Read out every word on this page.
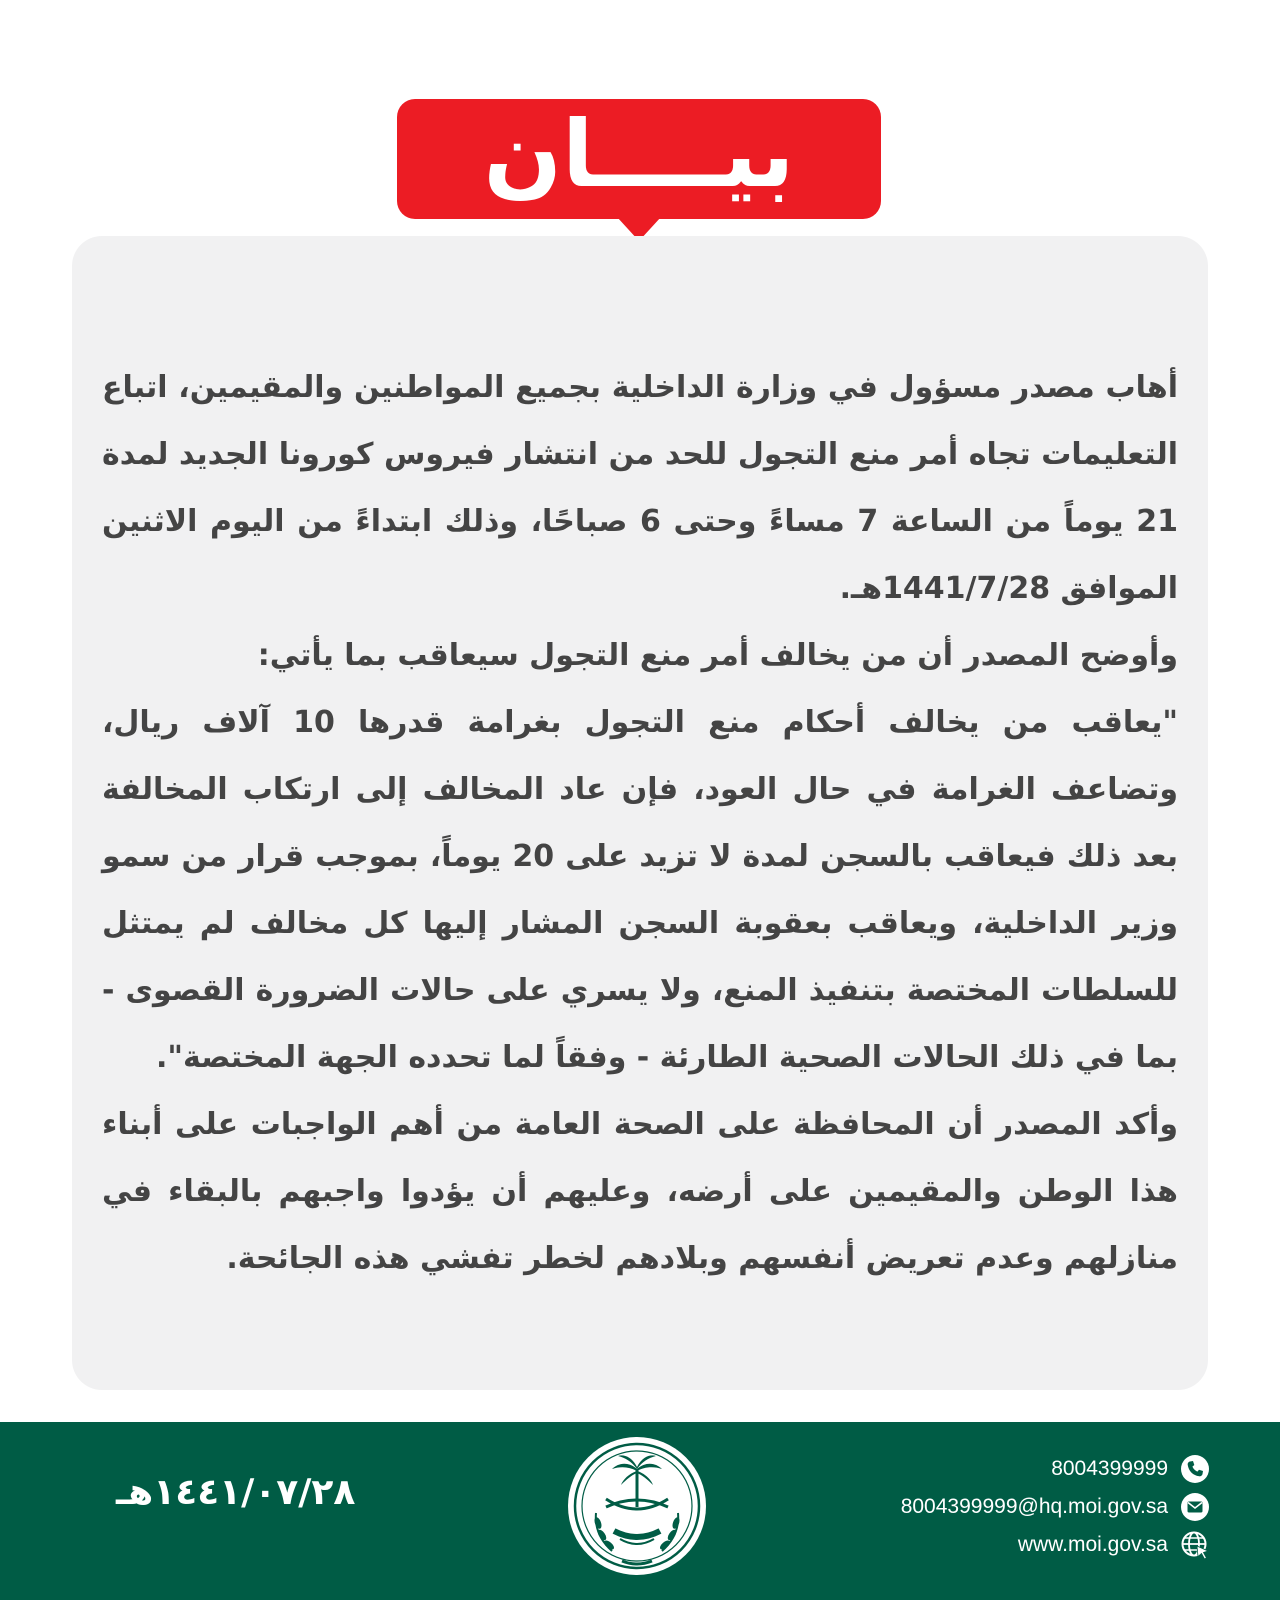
بيــــان

أهاب مصدر مسؤول في وزارة الداخلية بجميع المواطنين والمقيمين، اتباع التعليمات تجاه أمر منع التجول للحد من انتشار فيروس كورونا الجديد لمدة 21 يوماً من الساعة 7 مساءً وحتى 6 صباحًا، وذلك ابتداءً من اليوم الاثنين الموافق 1441/7/28هـ.

وأوضح المصدر أن من يخالف أمر منع التجول سيعاقب بما يأتي:

"يعاقب من يخالف أحكام منع التجول بغرامة قدرها 10 آلاف ريال، وتضاعف الغرامة في حال العود، فإن عاد المخالف إلى ارتكاب المخالفة بعد ذلك فيعاقب بالسجن لمدة لا تزيد على 20 يوماً، بموجب قرار من سمو وزير الداخلية، ويعاقب بعقوبة السجن المشار إليها كل مخالف لم يمتثل للسلطات المختصة بتنفيذ المنع، ولا يسري على حالات الضرورة القصوى - بما في ذلك الحالات الصحية الطارئة - وفقاً لما تحدده الجهة المختصة".

وأكد المصدر أن المحافظة على الصحة العامة من أهم الواجبات على أبناء هذا الوطن والمقيمين على أرضه، وعليهم أن يؤدوا واجبهم بالبقاء في منازلهم وعدم تعريض أنفسهم وبلادهم لخطر تفشي هذه الجائحة.

١٤٤١/٠٧/٢٨هـ
8004399999
8004399999@hq.moi.gov.sa
www.moi.gov.sa
